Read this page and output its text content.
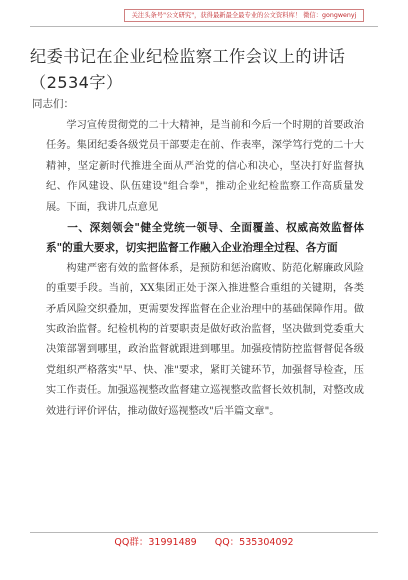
关注头条号"公文研究"，获得最新最全最专业的公文资料库！ 微信：gongwenyj
纪委书记在企业纪检监察工作会议上的讲话（2534字）
同志们：

学习宣传贯彻党的二十大精神，是当前和今后一个时期的首要政治任务。集团纪委各级党员干部要走在前、作表率，深学笃行党的二十大精神，坚定新时代推进全面从严治党的信心和决心，坚决打好监督执纪、作风建设、队伍建设"组合拳"，推动企业纪检监察工作高质量发展。下面，我讲几点意见

一、深刻领会"健全党统一领导、全面覆盖、权威高效监督体系"的重大要求，切实把监督工作融入企业治理全过程、各方面

构建严密有效的监督体系，是预防和惩治腐败、防范化解廉政风险的重要手段。当前，XX集团正处于深入推进整合重组的关键期，各类矛盾风险交织叠加，更需要发挥监督在企业治理中的基础保障作用。做实政治监督。纪检机构的首要职责是做好政治监督，坚决做到党委重大决策部署到哪里，政治监督就跟进到哪里。加强疫情防控监督督促各级党组织严格落实"早、快、准"要求，紧盯关键环节，加强督导检查，压实工作责任。加强巡视整改监督建立巡视整改监督长效机制，对整改成效进行评价评估，推动做好巡视整改"后半篇文章"。

QQ群：31991489 QQ：535304092
